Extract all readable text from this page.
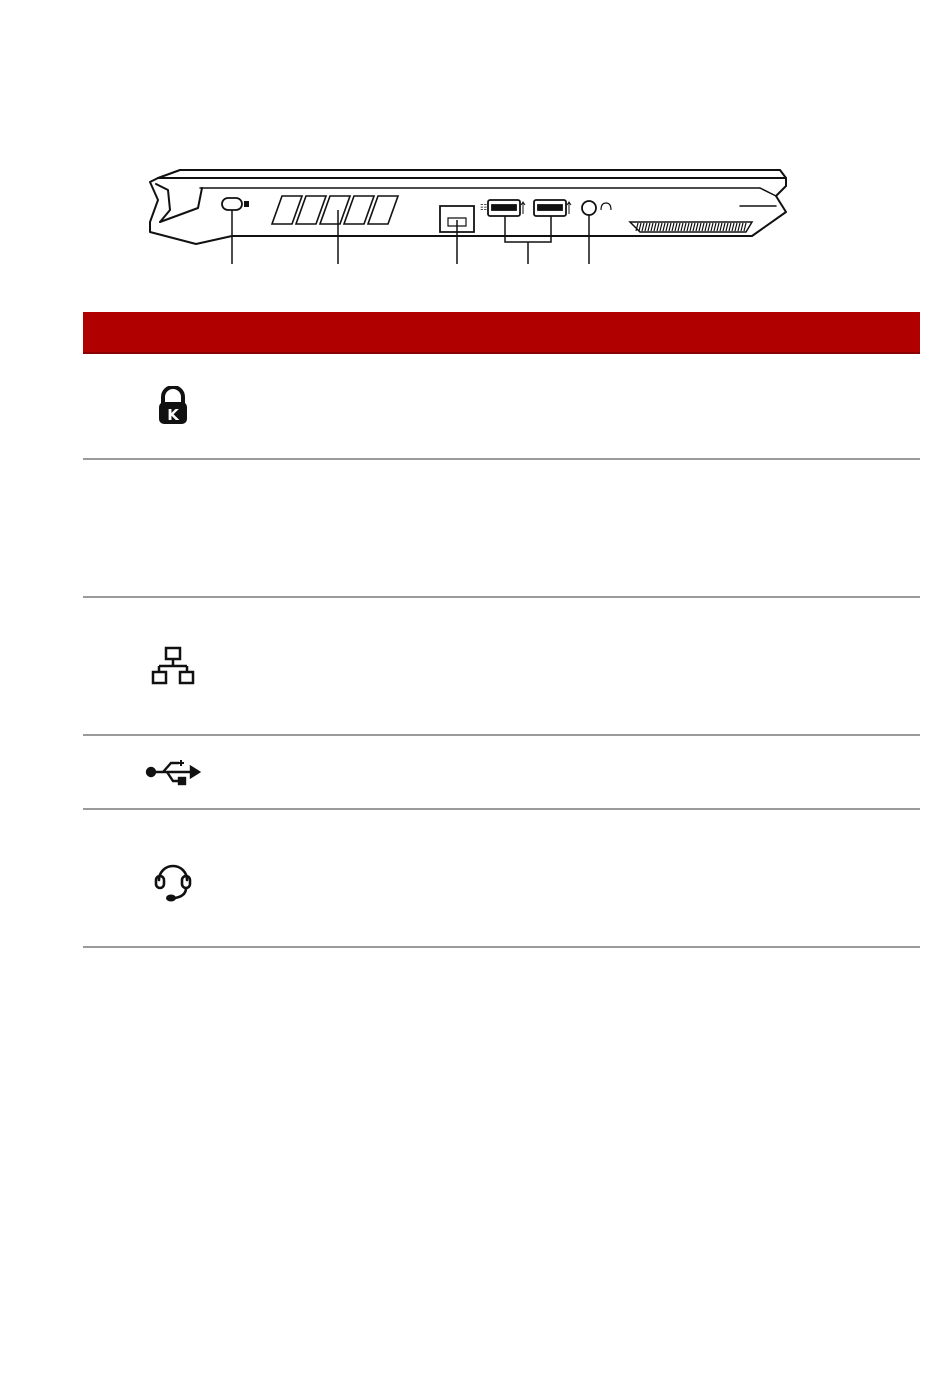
☷
K
